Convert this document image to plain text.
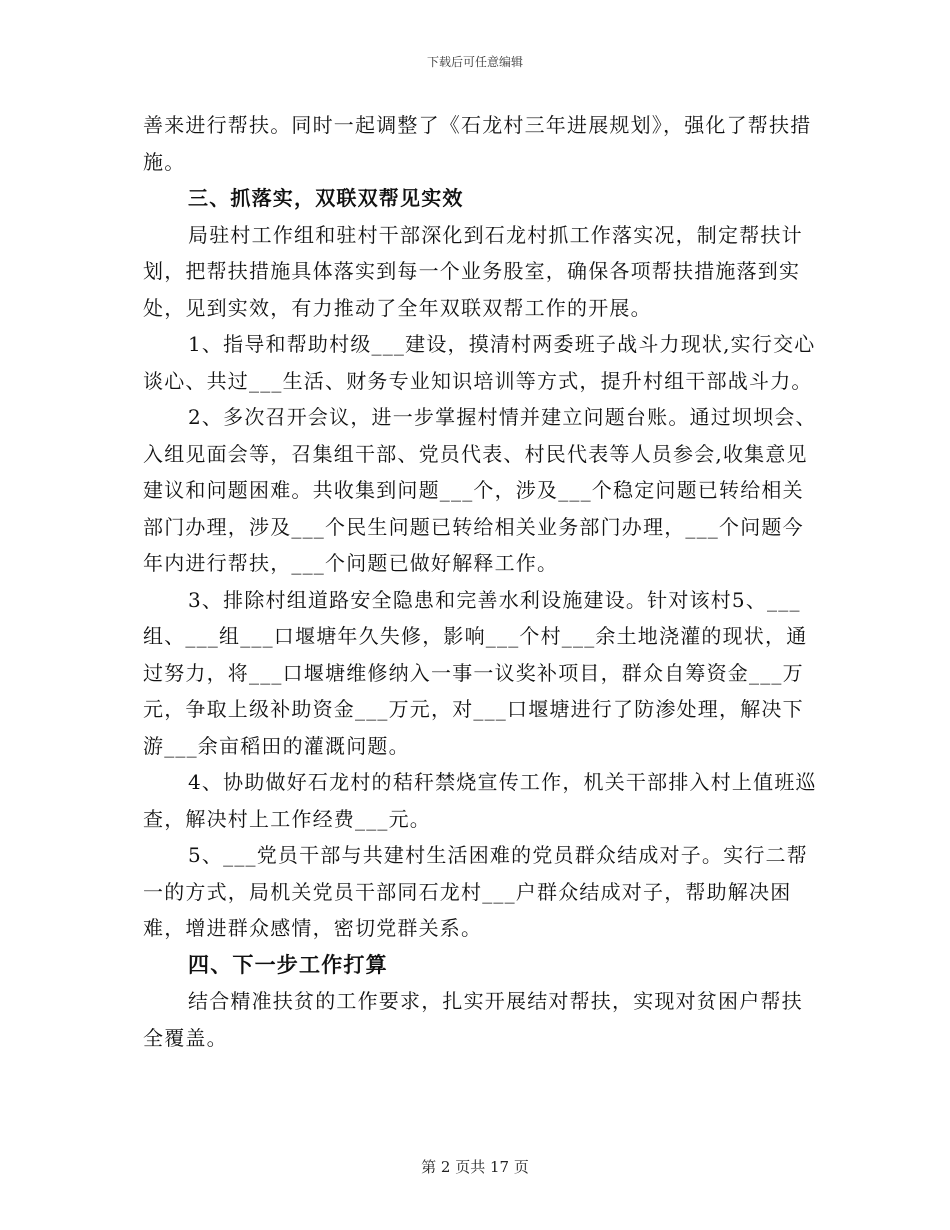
下载后可任意编辑

善来进行帮扶。同时一起调整了《石龙村三年进展规划》，强化了帮扶措施。

三、抓落实，双联双帮见实效

局驻村工作组和驻村干部深化到石龙村抓工作落实况，制定帮扶计划，把帮扶措施具体落实到每一个业务股室，确保各项帮扶措施落到实处，见到实效，有力推动了全年双联双帮工作的开展。

1、指导和帮助村级___建设，摸清村两委班子战斗力现状,实行交心谈心、共过___生活、财务专业知识培训等方式，提升村组干部战斗力。

2、多次召开会议，进一步掌握村情并建立问题台账。通过坝坝会、入组见面会等，召集组干部、党员代表、村民代表等人员参会,收集意见建议和问题困难。共收集到问题___个，涉及___个稳定问题已转给相关部门办理，涉及___个民生问题已转给相关业务部门办理，___个问题今年内进行帮扶，___个问题已做好解释工作。

3、排除村组道路安全隐患和完善水利设施建设。针对该村5、___组、___组___口堰塘年久失修，影响___个村___余土地浇灌的现状，通过努力，将___口堰塘维修纳入一事一议奖补项目，群众自筹资金___万元，争取上级补助资金___万元，对___口堰塘进行了防渗处理，解决下游___余亩稻田的灌溉问题。

4、协助做好石龙村的秸秆禁烧宣传工作，机关干部排入村上值班巡查，解决村上工作经费___元。

5、___党员干部与共建村生活困难的党员群众结成对子。实行二帮一的方式，局机关党员干部同石龙村___户群众结成对子，帮助解决困难，增进群众感情，密切党群关系。

四、下一步工作打算

结合精准扶贫的工作要求，扎实开展结对帮扶，实现对贫困户帮扶全覆盖。

第 2 页共 17 页
